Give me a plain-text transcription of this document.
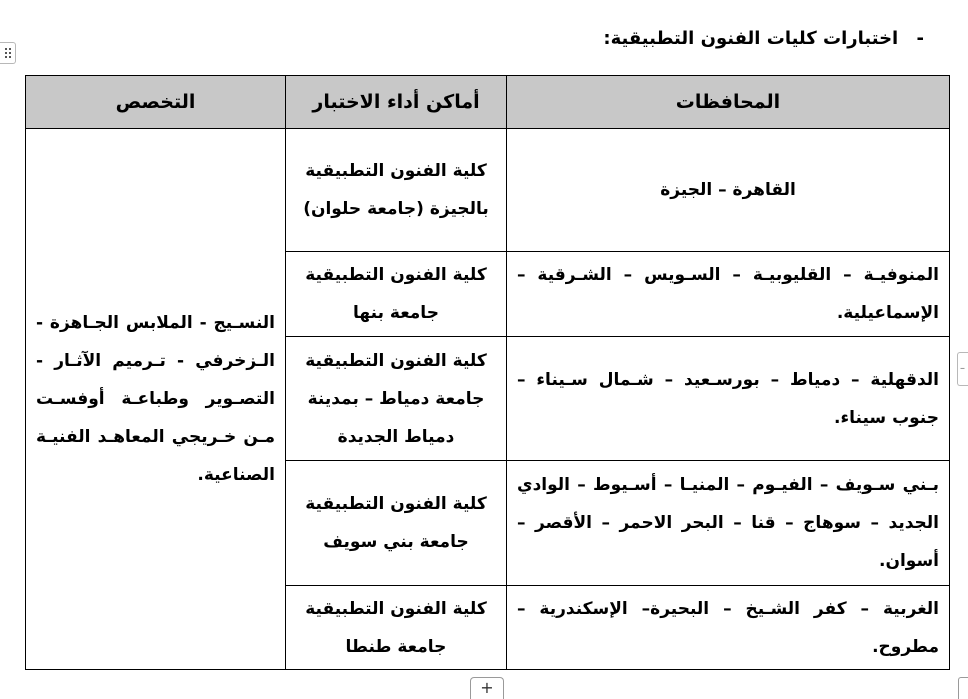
- اختبارات كليات الفنون التطبيقية:
المحافظات	أماكن أداء الاختبار	التخصص
القاهرة – الجيزة	كلية الفنون التطبيقية بالجيزة (جامعة حلوان)	النسـيج - الملابس الجـاهزة - الـزخرفي - تـرميم الآثـار - التصـوير وطباعـة أوفسـت مـن خـريجي المعاهـد الفنيـة الصناعية.
المنوفيـة – القليوبيـة – السـويس – الشـرقية – الإسماعيلية.	كلية الفنون التطبيقية جامعة بنها	
الدقهلية – دمياط – بورسـعيد – شـمال سـيناء – جنوب سيناء.	كلية الفنون التطبيقية جامعة دمياط – بمدينة دمياط الجديدة	
بـني سـويف – الفيـوم – المنيـا – أسـيوط – الوادي الجديد – سوهاج – قنا – البحر الاحمر – الأقصر – أسوان.	كلية الفنون التطبيقية جامعة بني سويف	
الغربية – كفر الشـيخ – البحيرة– الإسكندرية – مطروح.	كلية الفنون التطبيقية جامعة طنطا	
–
+
